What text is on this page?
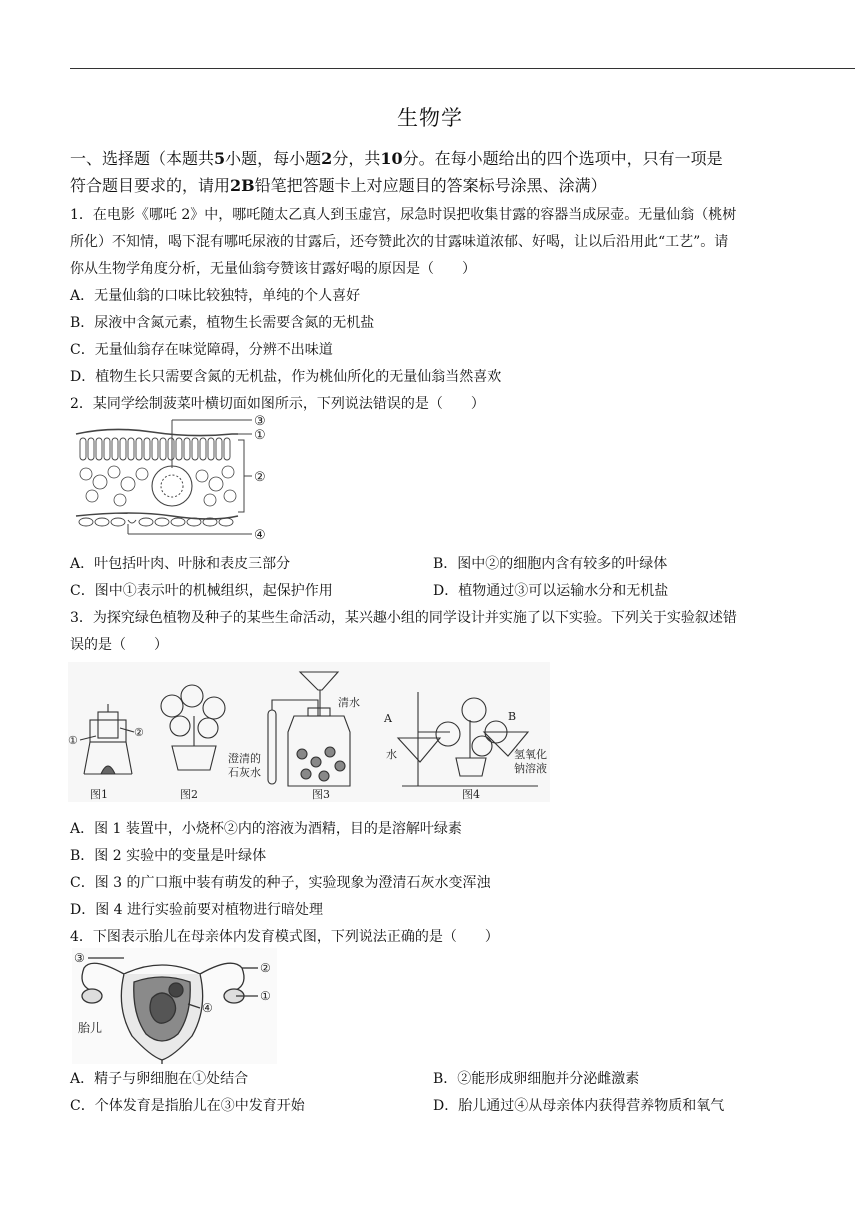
生物学
一、选择题（本题共5小题，每小题2分，共10分。在每小题给出的四个选项中，只有一项是
符合题目要求的，请用2B铅笔把答题卡上对应题目的答案标号涂黑、涂满）
1．在电影《哪吒 2》中，哪吒随太乙真人到玉虚宫，尿急时误把收集甘露的容器当成尿壶。无量仙翁（桃树
所化）不知情，喝下混有哪吒尿液的甘露后，还夸赞此次的甘露味道浓郁、好喝，让以后沿用此“工艺”。请
你从生物学角度分析，无量仙翁夸赞该甘露好喝的原因是（　　）
A．无量仙翁的口味比较独特，单纯的个人喜好
B．尿液中含氮元素，植物生长需要含氮的无机盐
C．无量仙翁存在味觉障碍，分辨不出味道
D．植物生长只需要含氮的无机盐，作为桃仙所化的无量仙翁当然喜欢
2．某同学绘制菠菜叶横切面如图所示，下列说法错误的是（　　）
③
①
②
④
A．叶包括叶肉、叶脉和表皮三部分	B．图中②的细胞内含有较多的叶绿体
C．图中①表示叶的机械组织，起保护作用	D．植物通过③可以运输水分和无机盐
3．为探究绿色植物及种子的某些生命活动，某兴趣小组的同学设计并实施了以下实验。下列关于实验叙述错
误的是（　　）
①
②
清水
澄清的
石灰水
A	B
水	氢氧化
钠溶液
图1	图2	图3	图4
A．图 1 装置中，小烧杯②内的溶液为酒精，目的是溶解叶绿素
B．图 2 实验中的变量是叶绿体
C．图 3 的广口瓶中装有萌发的种子，实验现象为澄清石灰水变浑浊
D．图 4 进行实验前要对植物进行暗处理
4．下图表示胎儿在母亲体内发育模式图，下列说法正确的是（　　）
③
②
①
④
胎儿
A．精子与卵细胞在①处结合	B．②能形成卵细胞并分泌雌激素
C．个体发育是指胎儿在③中发育开始	D．胎儿通过④从母亲体内获得营养物质和氧气
